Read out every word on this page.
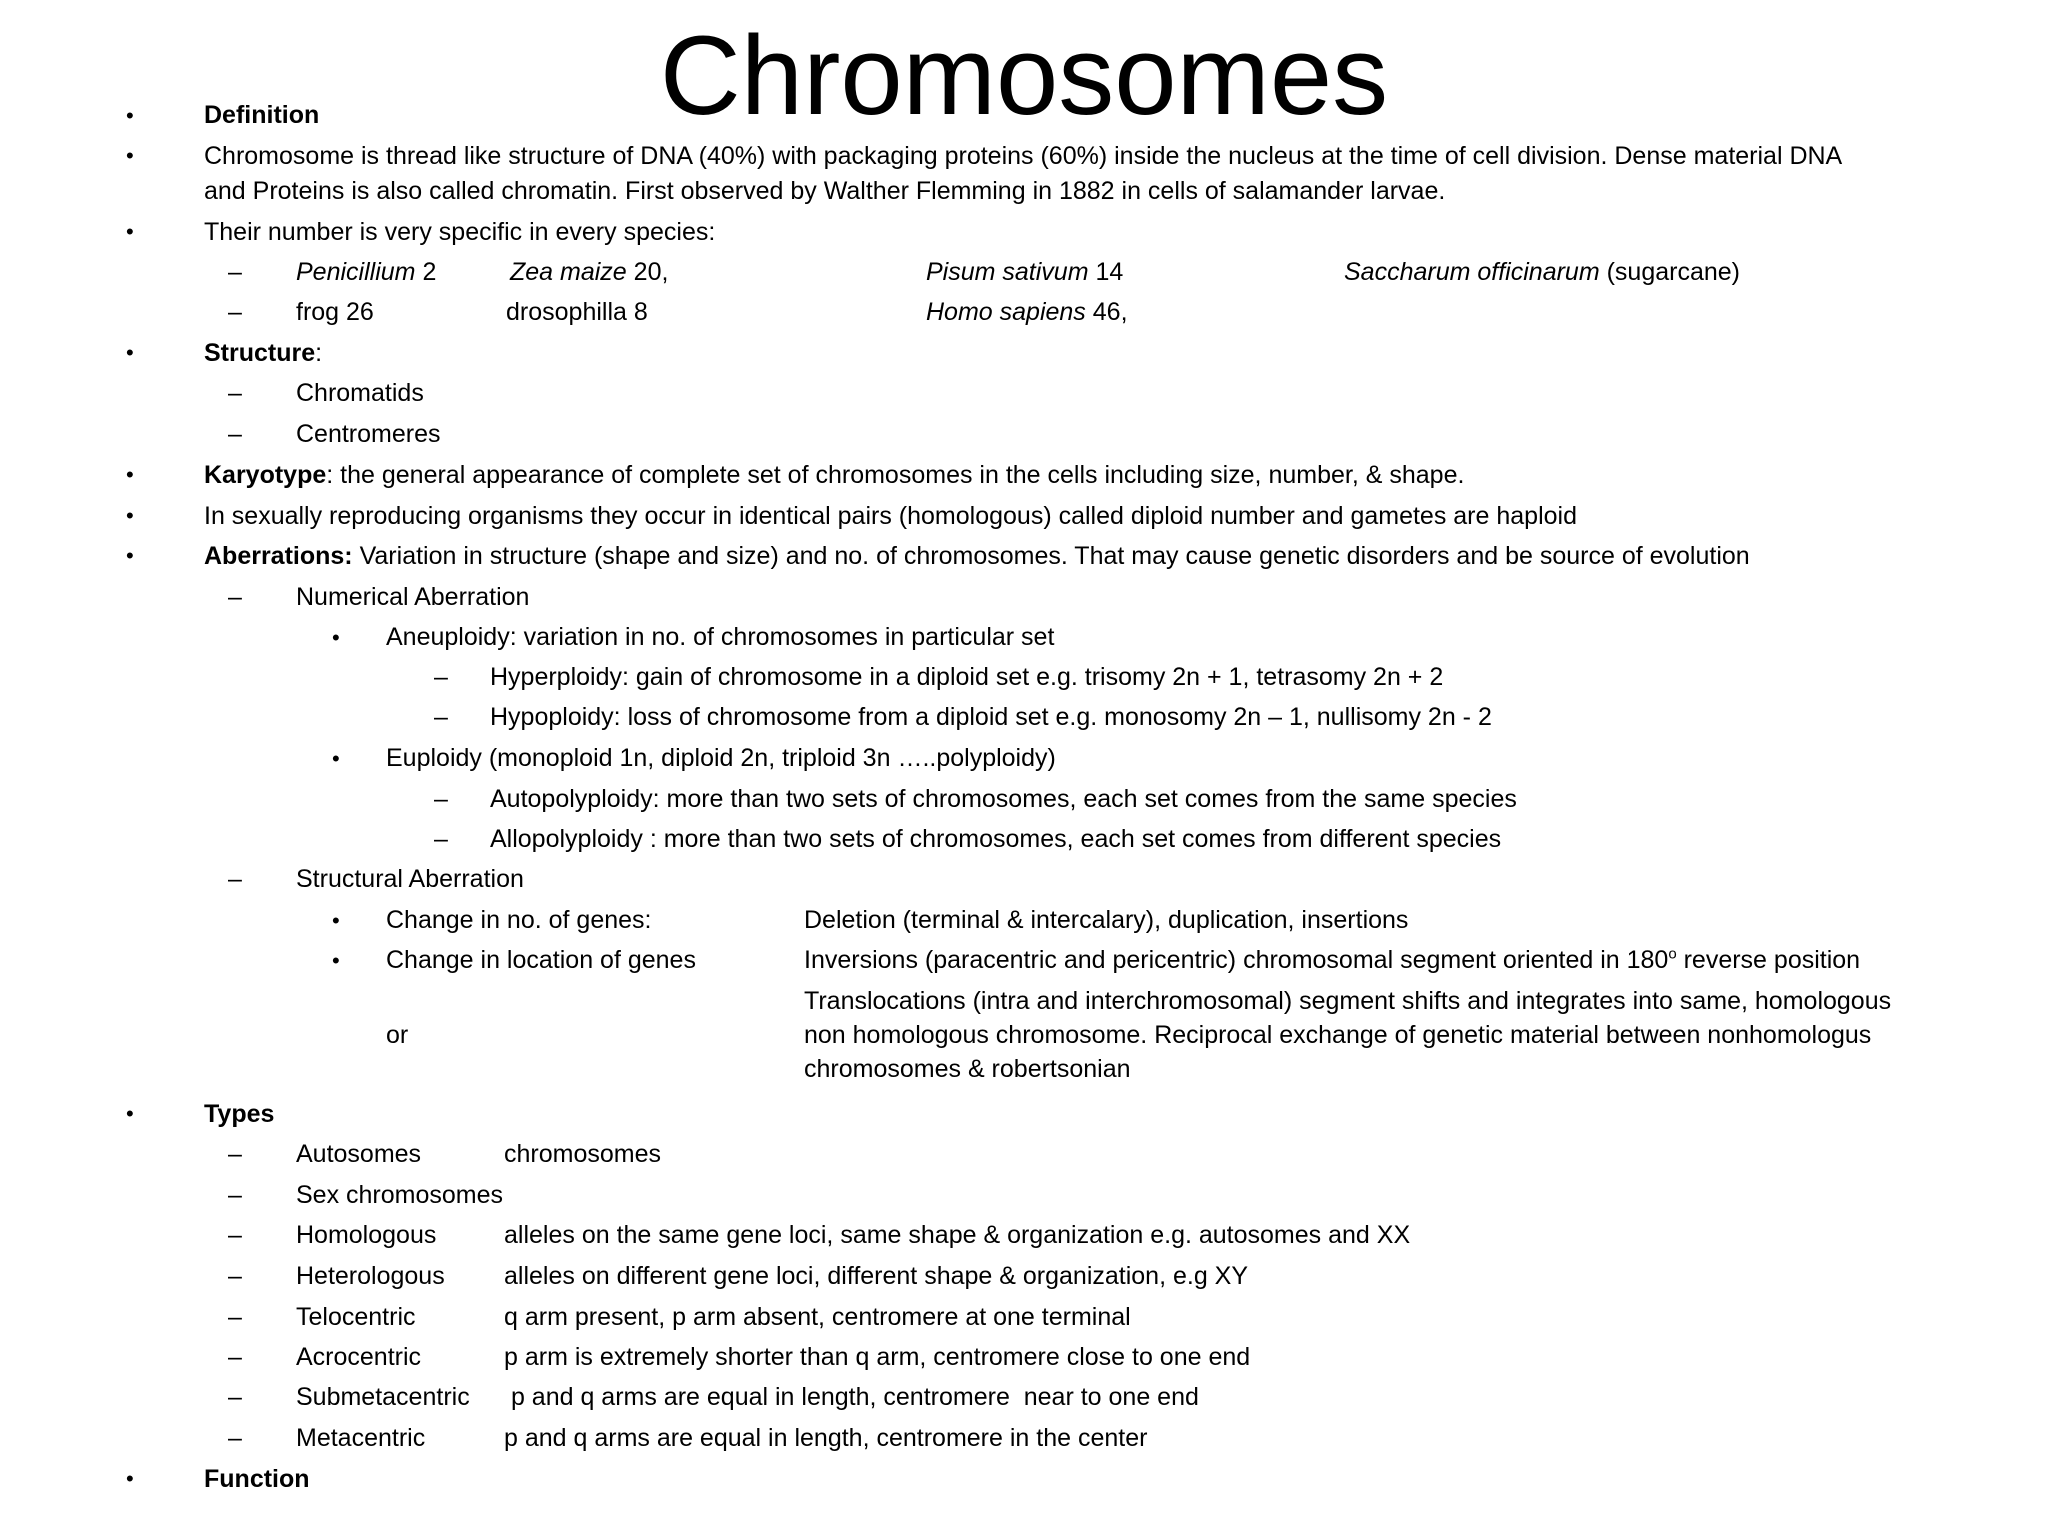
Chromosomes
•	Definition
•	Chromosome is thread like structure of DNA (40%) with packaging proteins (60%) inside the nucleus at the time of cell division. Dense material DNA
and Proteins is also called chromatin. First observed by Walther Flemming in 1882 in cells of salamander larvae.
•	Their number is very specific in every species:
– Penicillium 2	Zea maize 20,	Pisum sativum 14	Saccharum officinarum (sugarcane)
– frog 26	drosophilla 8	Homo sapiens 46,
•	Structure:
– Chromatids
– Centromeres
•	Karyotype: the general appearance of complete set of chromosomes in the cells including size, number, & shape.
•	In sexually reproducing organisms they occur in identical pairs (homologous) called diploid number and gametes are haploid
•	Aberrations: Variation in structure (shape and size) and no. of chromosomes. That may cause genetic disorders and be source of evolution
– Numerical Aberration
• Aneuploidy: variation in no. of chromosomes in particular set
– Hyperploidy: gain of chromosome in a diploid set e.g. trisomy 2n + 1, tetrasomy 2n + 2
– Hypoploidy: loss of chromosome from a diploid set e.g. monosomy 2n – 1, nullisomy 2n - 2
• Euploidy (monoploid 1n, diploid 2n, triploid 3n …..polyploidy)
– Autopolyploidy: more than two sets of chromosomes, each set comes from the same species
– Allopolyploidy : more than two sets of chromosomes, each set comes from different species
– Structural Aberration
• Change in no. of genes:	Deletion (terminal & intercalary), duplication, insertions
• Change in location of genes	Inversions (paracentric and pericentric) chromosomal segment oriented in 180$^o$ reverse position
or
Translocations (intra and interchromosomal) segment shifts and integrates into same, homologous
non homologous chromosome. Reciprocal exchange of genetic material between nonhomologus
chromosomes & robertsonian
•	Types
– Autosomes	chromosomes
– Sex chromosomes
– Homologous	alleles on the same gene loci, same shape & organization e.g. autosomes and XX
– Heterologous alleles on different gene loci, different shape & organization, e.g XY
– Telocentric	q arm present, p arm absent, centromere at one terminal
– Acrocentric	p arm is extremely shorter than q arm, centromere close to one end
– Submetacentric p and q arms are equal in length, centromere  near to one end
– Metacentric	p and q arms are equal in length, centromere in the center
•	Function
